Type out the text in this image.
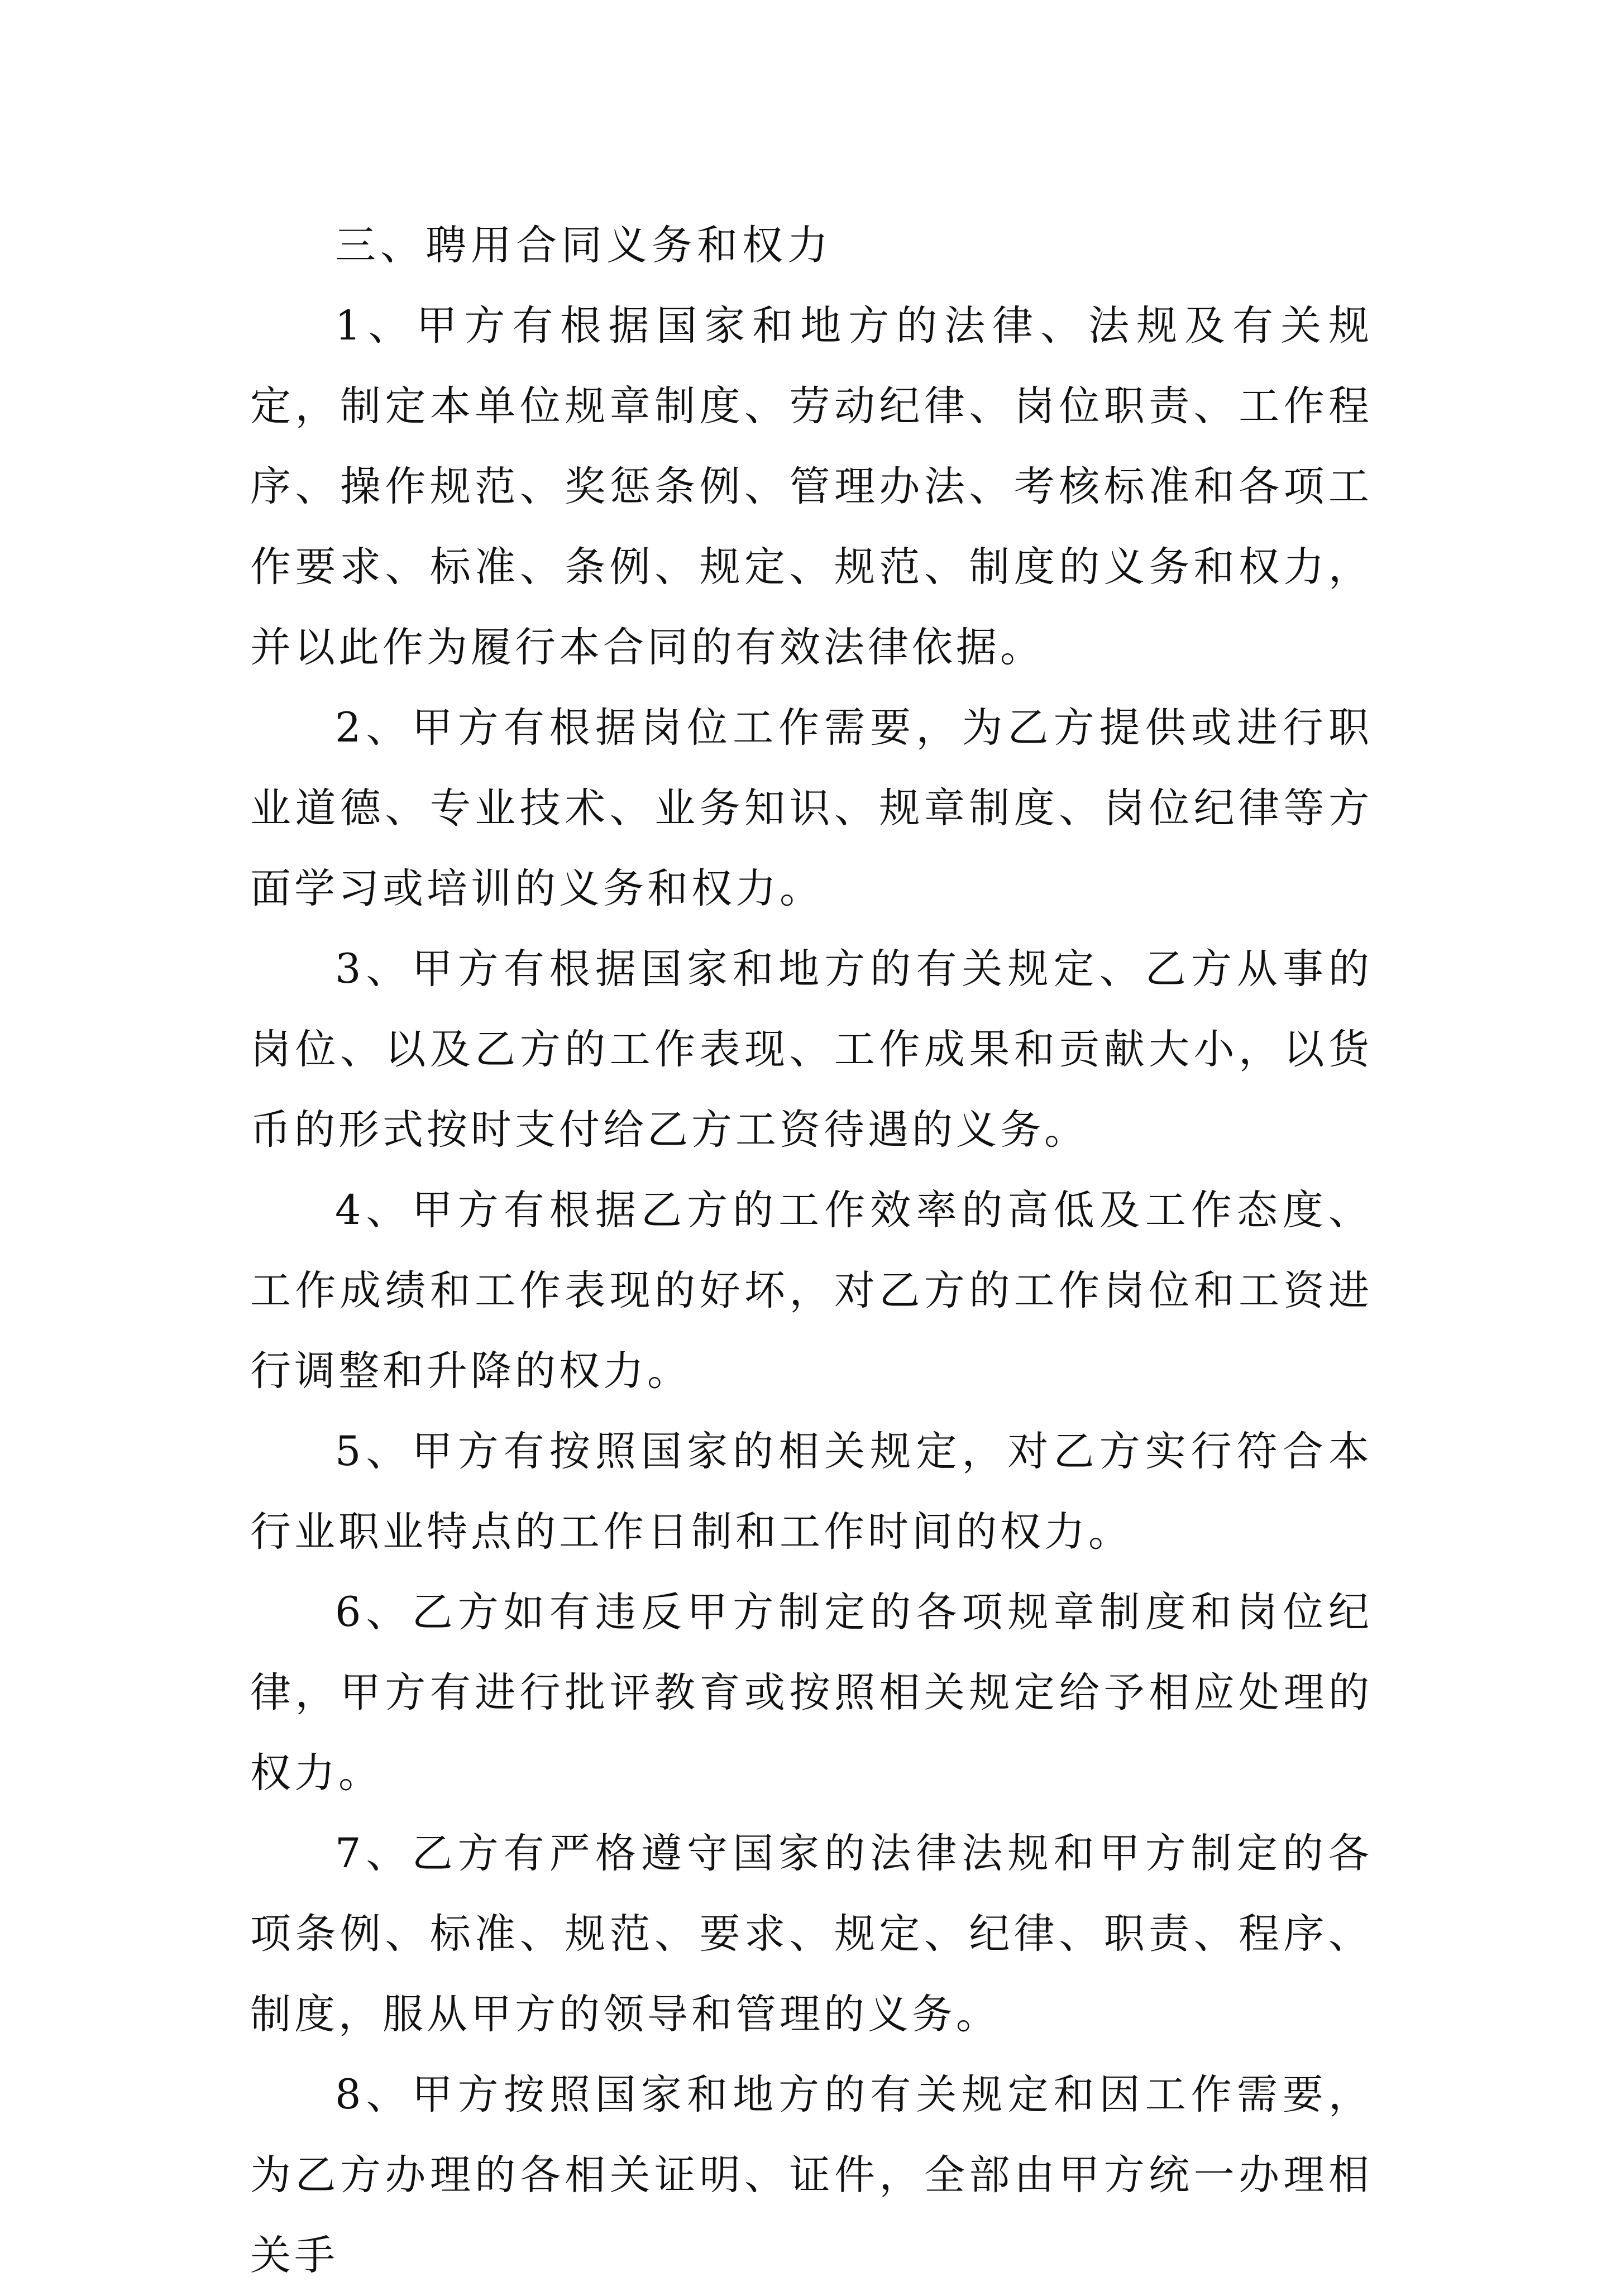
三、聘用合同义务和权力

1、甲方有根据国家和地方的法律、法规及有关规定，制定本单位规章制度、劳动纪律、岗位职责、工作程序、操作规范、奖惩条例、管理办法、考核标准和各项工作要求、标准、条例、规定、规范、制度的义务和权力，并以此作为履行本合同的有效法律依据。

2、甲方有根据岗位工作需要，为乙方提供或进行职业道德、专业技术、业务知识、规章制度、岗位纪律等方面学习或培训的义务和权力。

3、甲方有根据国家和地方的有关规定、乙方从事的岗位、以及乙方的工作表现、工作成果和贡献大小，以货币的形式按时支付给乙方工资待遇的义务。

4、甲方有根据乙方的工作效率的高低及工作态度、工作成绩和工作表现的好坏，对乙方的工作岗位和工资进行调整和升降的权力。

5、甲方有按照国家的相关规定，对乙方实行符合本行业职业特点的工作日制和工作时间的权力。

6、乙方如有违反甲方制定的各项规章制度和岗位纪律，甲方有进行批评教育或按照相关规定给予相应处理的权力。

7、乙方有严格遵守国家的法律法规和甲方制定的各项条例、标准、规范、要求、规定、纪律、职责、程序、制度，服从甲方的领导和管理的义务。

8、甲方按照国家和地方的有关规定和因工作需要，为乙方办理的各相关证明、证件，全部由甲方统一办理相关手
